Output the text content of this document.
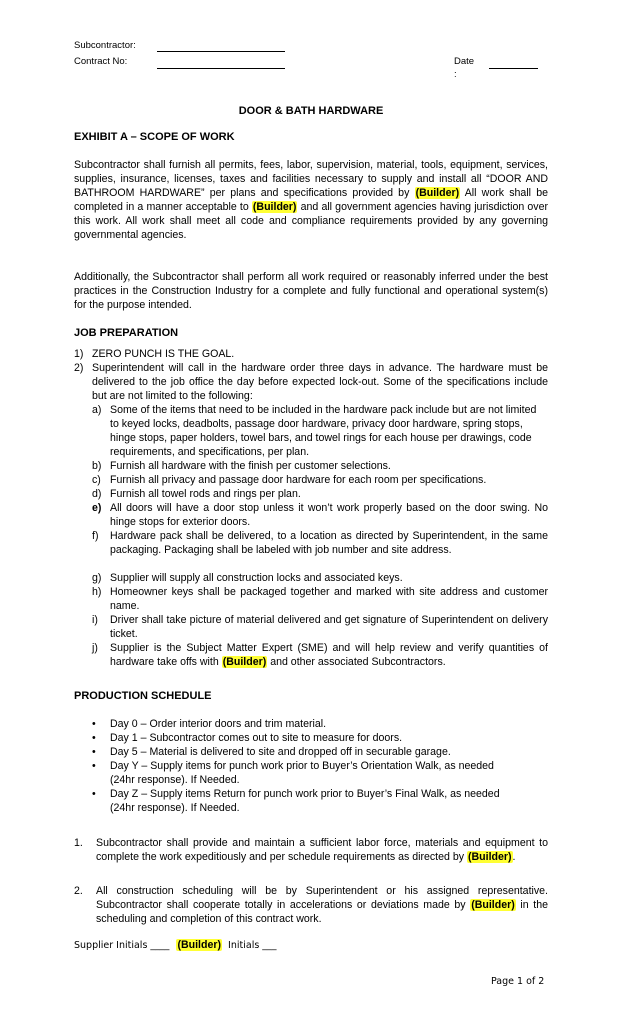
Subcontractor:
Contract No:	Date
:
DOOR & BATH HARDWARE
EXHIBIT A – SCOPE OF WORK
Subcontractor shall furnish all permits, fees, labor, supervision, material, tools, equipment, services, supplies, insurance, licenses, taxes and facilities necessary to supply and install all “DOOR AND BATHROOM HARDWARE” per plans and specifications provided by (Builder) All work shall be completed in a manner acceptable to (Builder) and all government agencies having jurisdiction over this work. All work shall meet all code and compliance requirements provided by any governing governmental agencies.
Additionally, the Subcontractor shall perform all work required or reasonably inferred under the best practices in the Construction Industry for a complete and fully functional and operational system(s) for the purpose intended.
JOB PREPARATION
1) ZERO PUNCH IS THE GOAL.
2) Superintendent will call in the hardware order three days in advance. The hardware must be delivered to the job office the day before expected lock-out. Some of the specifications include but are not limited to the following:
a) Some of the items that need to be included in the hardware pack include but are not limited to keyed locks, deadbolts, passage door hardware, privacy door hardware, spring stops, hinge stops, paper holders, towel bars, and towel rings for each house per drawings, code requirements, and specifications, per plan.
b) Furnish all hardware with the finish per customer selections.
c) Furnish all privacy and passage door hardware for each room per specifications.
d) Furnish all towel rods and rings per plan.
e) All doors will have a door stop unless it won’t work properly based on the door swing. No hinge stops for exterior doors.
f) Hardware pack shall be delivered, to a location as directed by Superintendent, in the same packaging. Packaging shall be labeled with job number and site address.
g) Supplier will supply all construction locks and associated keys.
h) Homeowner keys shall be packaged together and marked with site address and customer name.
i) Driver shall take picture of material delivered and get signature of Superintendent on delivery ticket.
j) Supplier is the Subject Matter Expert (SME) and will help review and verify quantities of hardware take offs with (Builder) and other associated Subcontractors.
PRODUCTION SCHEDULE
• Day 0 – Order interior doors and trim material.
• Day 1 – Subcontractor comes out to site to measure for doors.
• Day 5 – Material is delivered to site and dropped off in securable garage.
• Day Y – Supply items for punch work prior to Buyer’s Orientation Walk, as needed (24hr response). If Needed.
• Day Z – Supply items Return for punch work prior to Buyer’s Final Walk, as needed (24hr response). If Needed.
1. Subcontractor shall provide and maintain a sufficient labor force, materials and equipment to complete the work expeditiously and per schedule requirements as directed by (Builder).
2. All construction scheduling will be by Superintendent or his assigned representative. Subcontractor shall cooperate totally in accelerations or deviations made by (Builder) in the scheduling and completion of this contract work.
Supplier Initials ____ (Builder) Initials ___
Page 1 of 2
